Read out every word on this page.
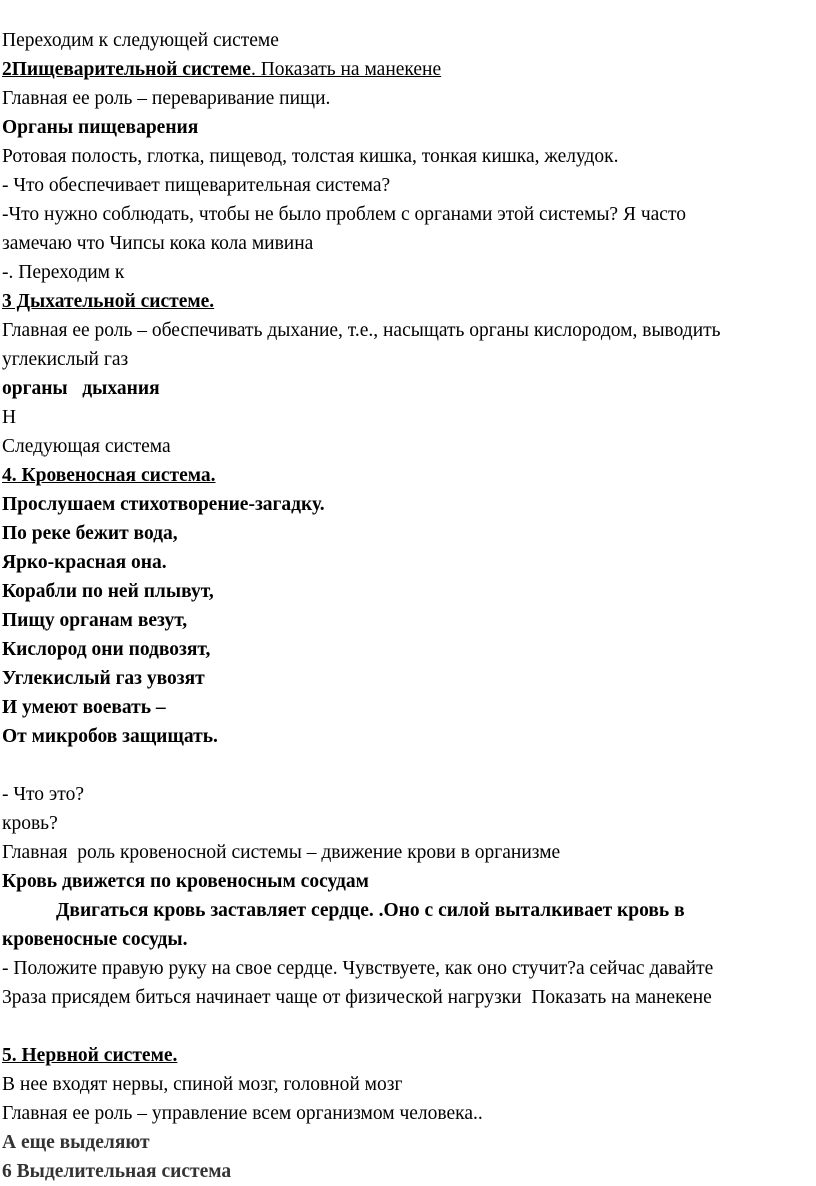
Переходим к следующей системе
2Пищеварительной системе. Показать на манекене
Главная ее роль – переваривание пищи.
Органы пищеварения
Ротовая полость, глотка, пищевод, толстая кишка, тонкая кишка, желудок.
- Что обеспечивает пищеварительная система?
-Что нужно соблюдать, чтобы не было проблем с органами этой системы? Я часто
замечаю что Чипсы кока кола мивина
-. Переходим к
3 Дыхательной системе.
Главная ее роль – обеспечивать дыхание, т.е., насыщать органы кислородом, выводить
углекислый газ
органы   дыхания
Н
Следующая система
4. Кровеносная система.
Прослушаем стихотворение-загадку.
По реке бежит вода,
Ярко-красная она.
Корабли по ней плывут,
Пищу органам везут,
Кислород они подвозят,
Углекислый газ увозят
И умеют воевать –
От микробов защищать.
- Что это?
кровь?
Главная  роль кровеносной системы – движение крови в организме
Кровь движется по кровеносным сосудам
Двигаться кровь заставляет сердце. .Оно с силой выталкивает кровь в
кровеносные сосуды.
- Положите правую руку на свое сердце. Чувствуете, как оно стучит?а сейчас давайте
3раза присядем биться начинает чаще от физической нагрузки  Показать на манекене
5. Нервной системе.
В нее входят нервы, спиной мозг, головной мозг
Главная ее роль – управление всем организмом человека..
А еще выделяют
6 Выделительная система
